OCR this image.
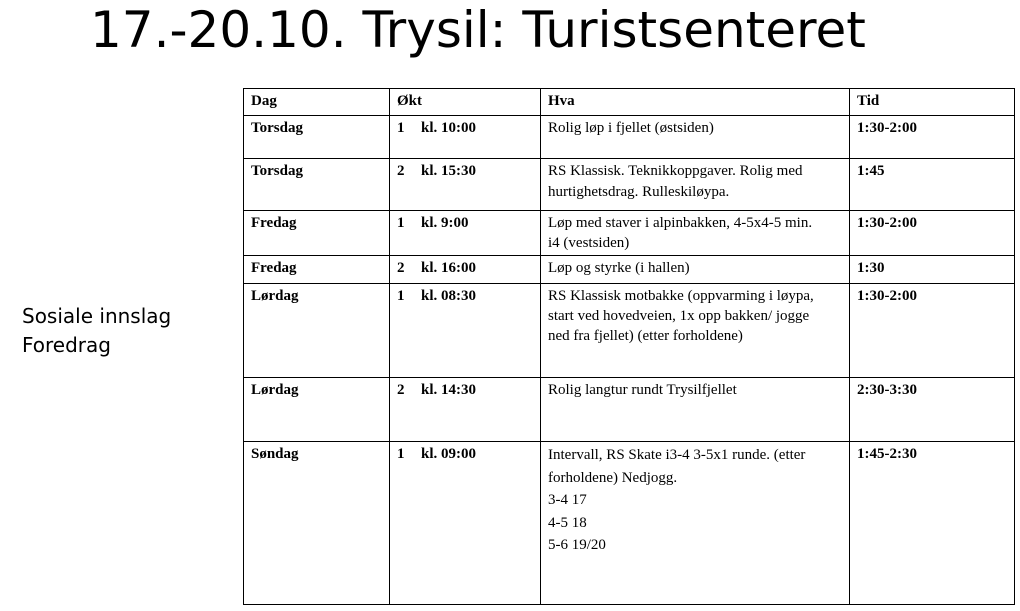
17.-20.10. Trysil: Turistsenteret
Sosiale innslag
Foredrag
Dag	Økt	Hva	Tid
Torsdag	1 kl. 10:00	Rolig løp i fjellet (østsiden)	1:30-2:00
Torsdag	2 kl. 15:30	RS Klassisk. Teknikkoppgaver. Rolig med
hurtighetsdrag. Rulleskiløypa.	1:45
Fredag	1 kl. 9:00	Løp med staver i alpinbakken, 4-5x4-5 min.
i4 (vestsiden)	1:30-2:00
Fredag	2 kl. 16:00	Løp og styrke (i hallen)	1:30
Lørdag	1 kl. 08:30	RS Klassisk motbakke (oppvarming i løypa,
start ved hovedveien, 1x opp bakken/ jogge
ned fra fjellet) (etter forholdene)	1:30-2:00
Lørdag	2 kl. 14:30	Rolig langtur rundt Trysilfjellet	2:30-3:30
Søndag	1 kl. 09:00	Intervall, RS Skate i3-4 3-5x1 runde. (etter
forholdene) Nedjogg.
3-4 17
4-5 18
5-6 19/20	1:45-2:30
